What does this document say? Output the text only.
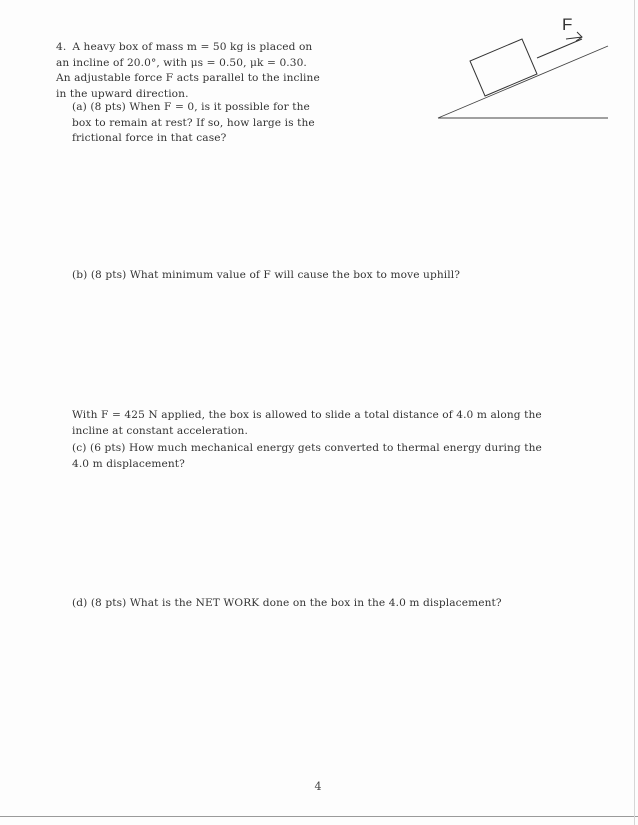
4. A heavy box of mass m = 50 kg is placed on an incline of 20.0°, with μs = 0.50, μk = 0.30. An adjustable force F acts parallel to the incline in the upward direction.

(a) (8 pts) When F = 0, is it possible for the box to remain at rest? If so, how large is the frictional force in that case?

(b) (8 pts) What minimum value of F will cause the box to move uphill?

With F = 425 N applied, the box is allowed to slide a total distance of 4.0 m along the incline at constant acceleration.

(c) (6 pts) How much mechanical energy gets converted to thermal energy during the 4.0 m displacement?

(d) (8 pts) What is the NET WORK done on the box in the 4.0 m displacement?

F
4
